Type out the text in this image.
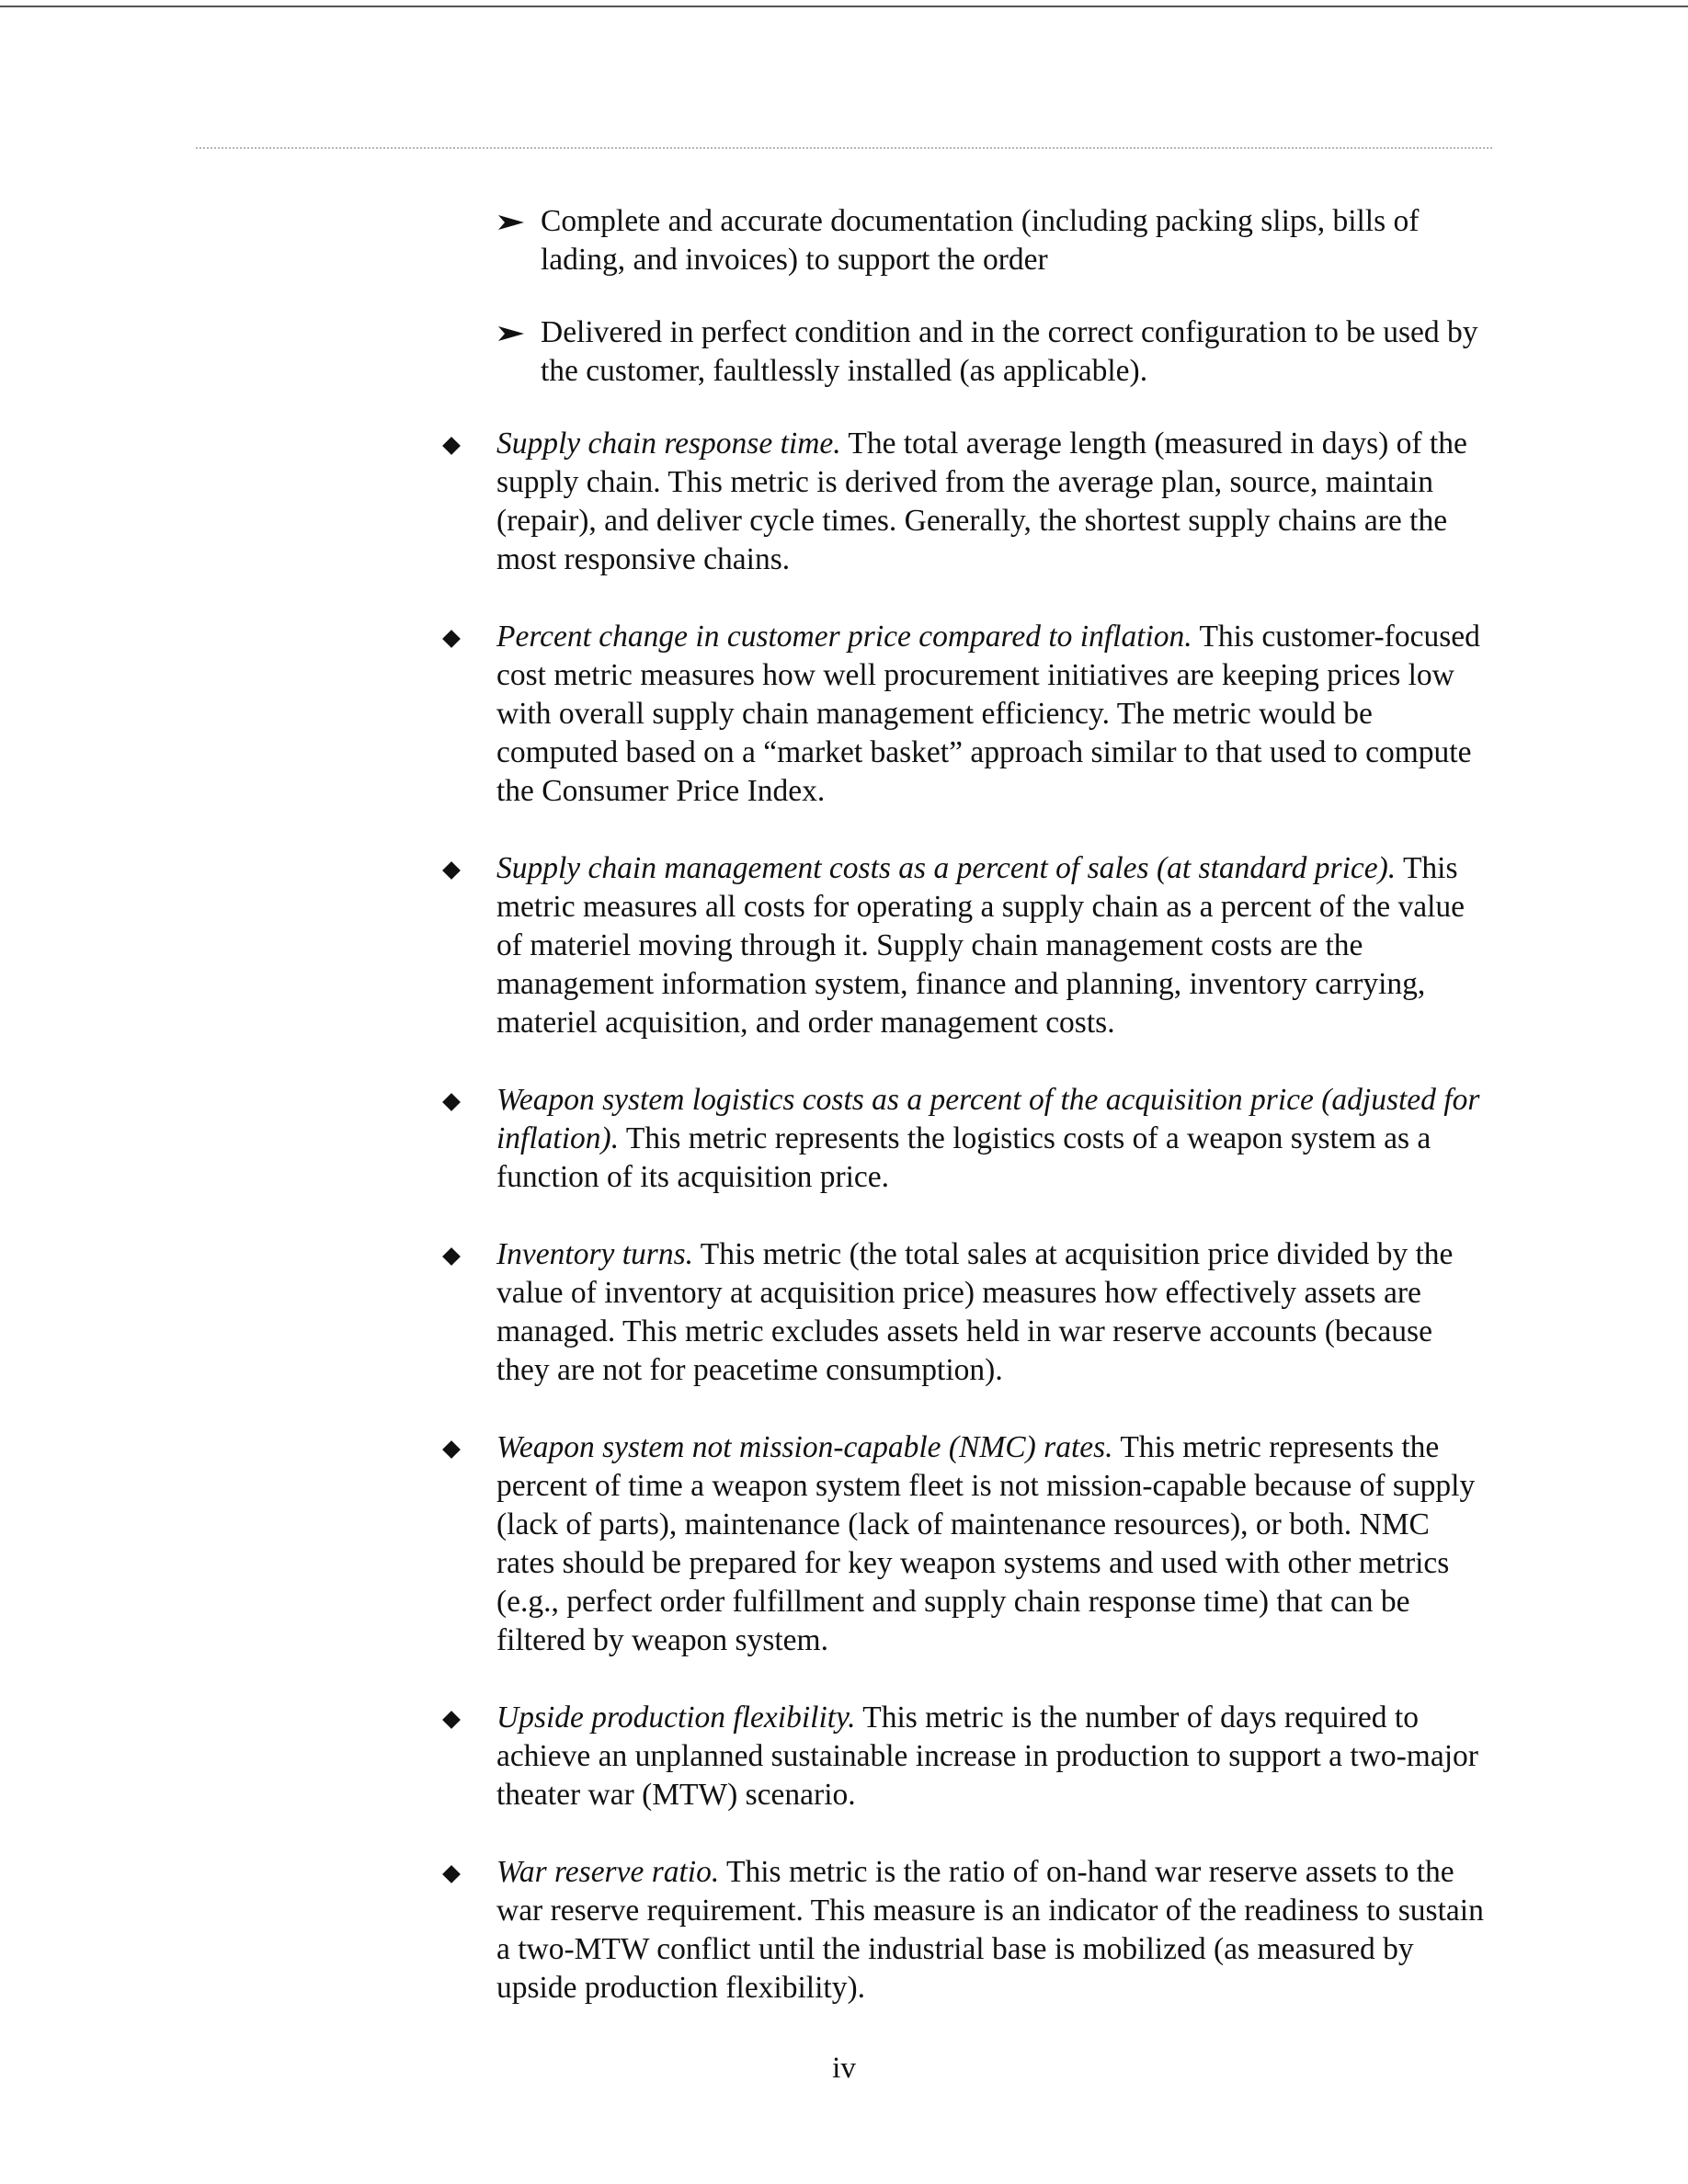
Complete and accurate documentation (including packing slips, bills of lading, and invoices) to support the order
Delivered in perfect condition and in the correct configuration to be used by the customer, faultlessly installed (as applicable).
Supply chain response time. The total average length (measured in days) of the supply chain. This metric is derived from the average plan, source, maintain (repair), and deliver cycle times. Generally, the shortest supply chains are the most responsive chains.
Percent change in customer price compared to inflation. This customer-focused cost metric measures how well procurement initiatives are keeping prices low with overall supply chain management efficiency. The metric would be computed based on a “market basket” approach similar to that used to compute the Consumer Price Index.
Supply chain management costs as a percent of sales (at standard price). This metric measures all costs for operating a supply chain as a percent of the value of materiel moving through it. Supply chain management costs are the management information system, finance and planning, inventory carrying, materiel acquisition, and order management costs.
Weapon system logistics costs as a percent of the acquisition price (adjusted for inflation). This metric represents the logistics costs of a weapon system as a function of its acquisition price.
Inventory turns. This metric (the total sales at acquisition price divided by the value of inventory at acquisition price) measures how effectively assets are managed. This metric excludes assets held in war reserve accounts (because they are not for peacetime consumption).
Weapon system not mission-capable (NMC) rates. This metric represents the percent of time a weapon system fleet is not mission-capable because of supply (lack of parts), maintenance (lack of maintenance resources), or both. NMC rates should be prepared for key weapon systems and used with other metrics (e.g., perfect order fulfillment and supply chain response time) that can be filtered by weapon system.
Upside production flexibility. This metric is the number of days required to achieve an unplanned sustainable increase in production to support a two-major theater war (MTW) scenario.
War reserve ratio. This metric is the ratio of on-hand war reserve assets to the war reserve requirement. This measure is an indicator of the readiness to sustain a two-MTW conflict until the industrial base is mobilized (as measured by upside production flexibility).
iv
